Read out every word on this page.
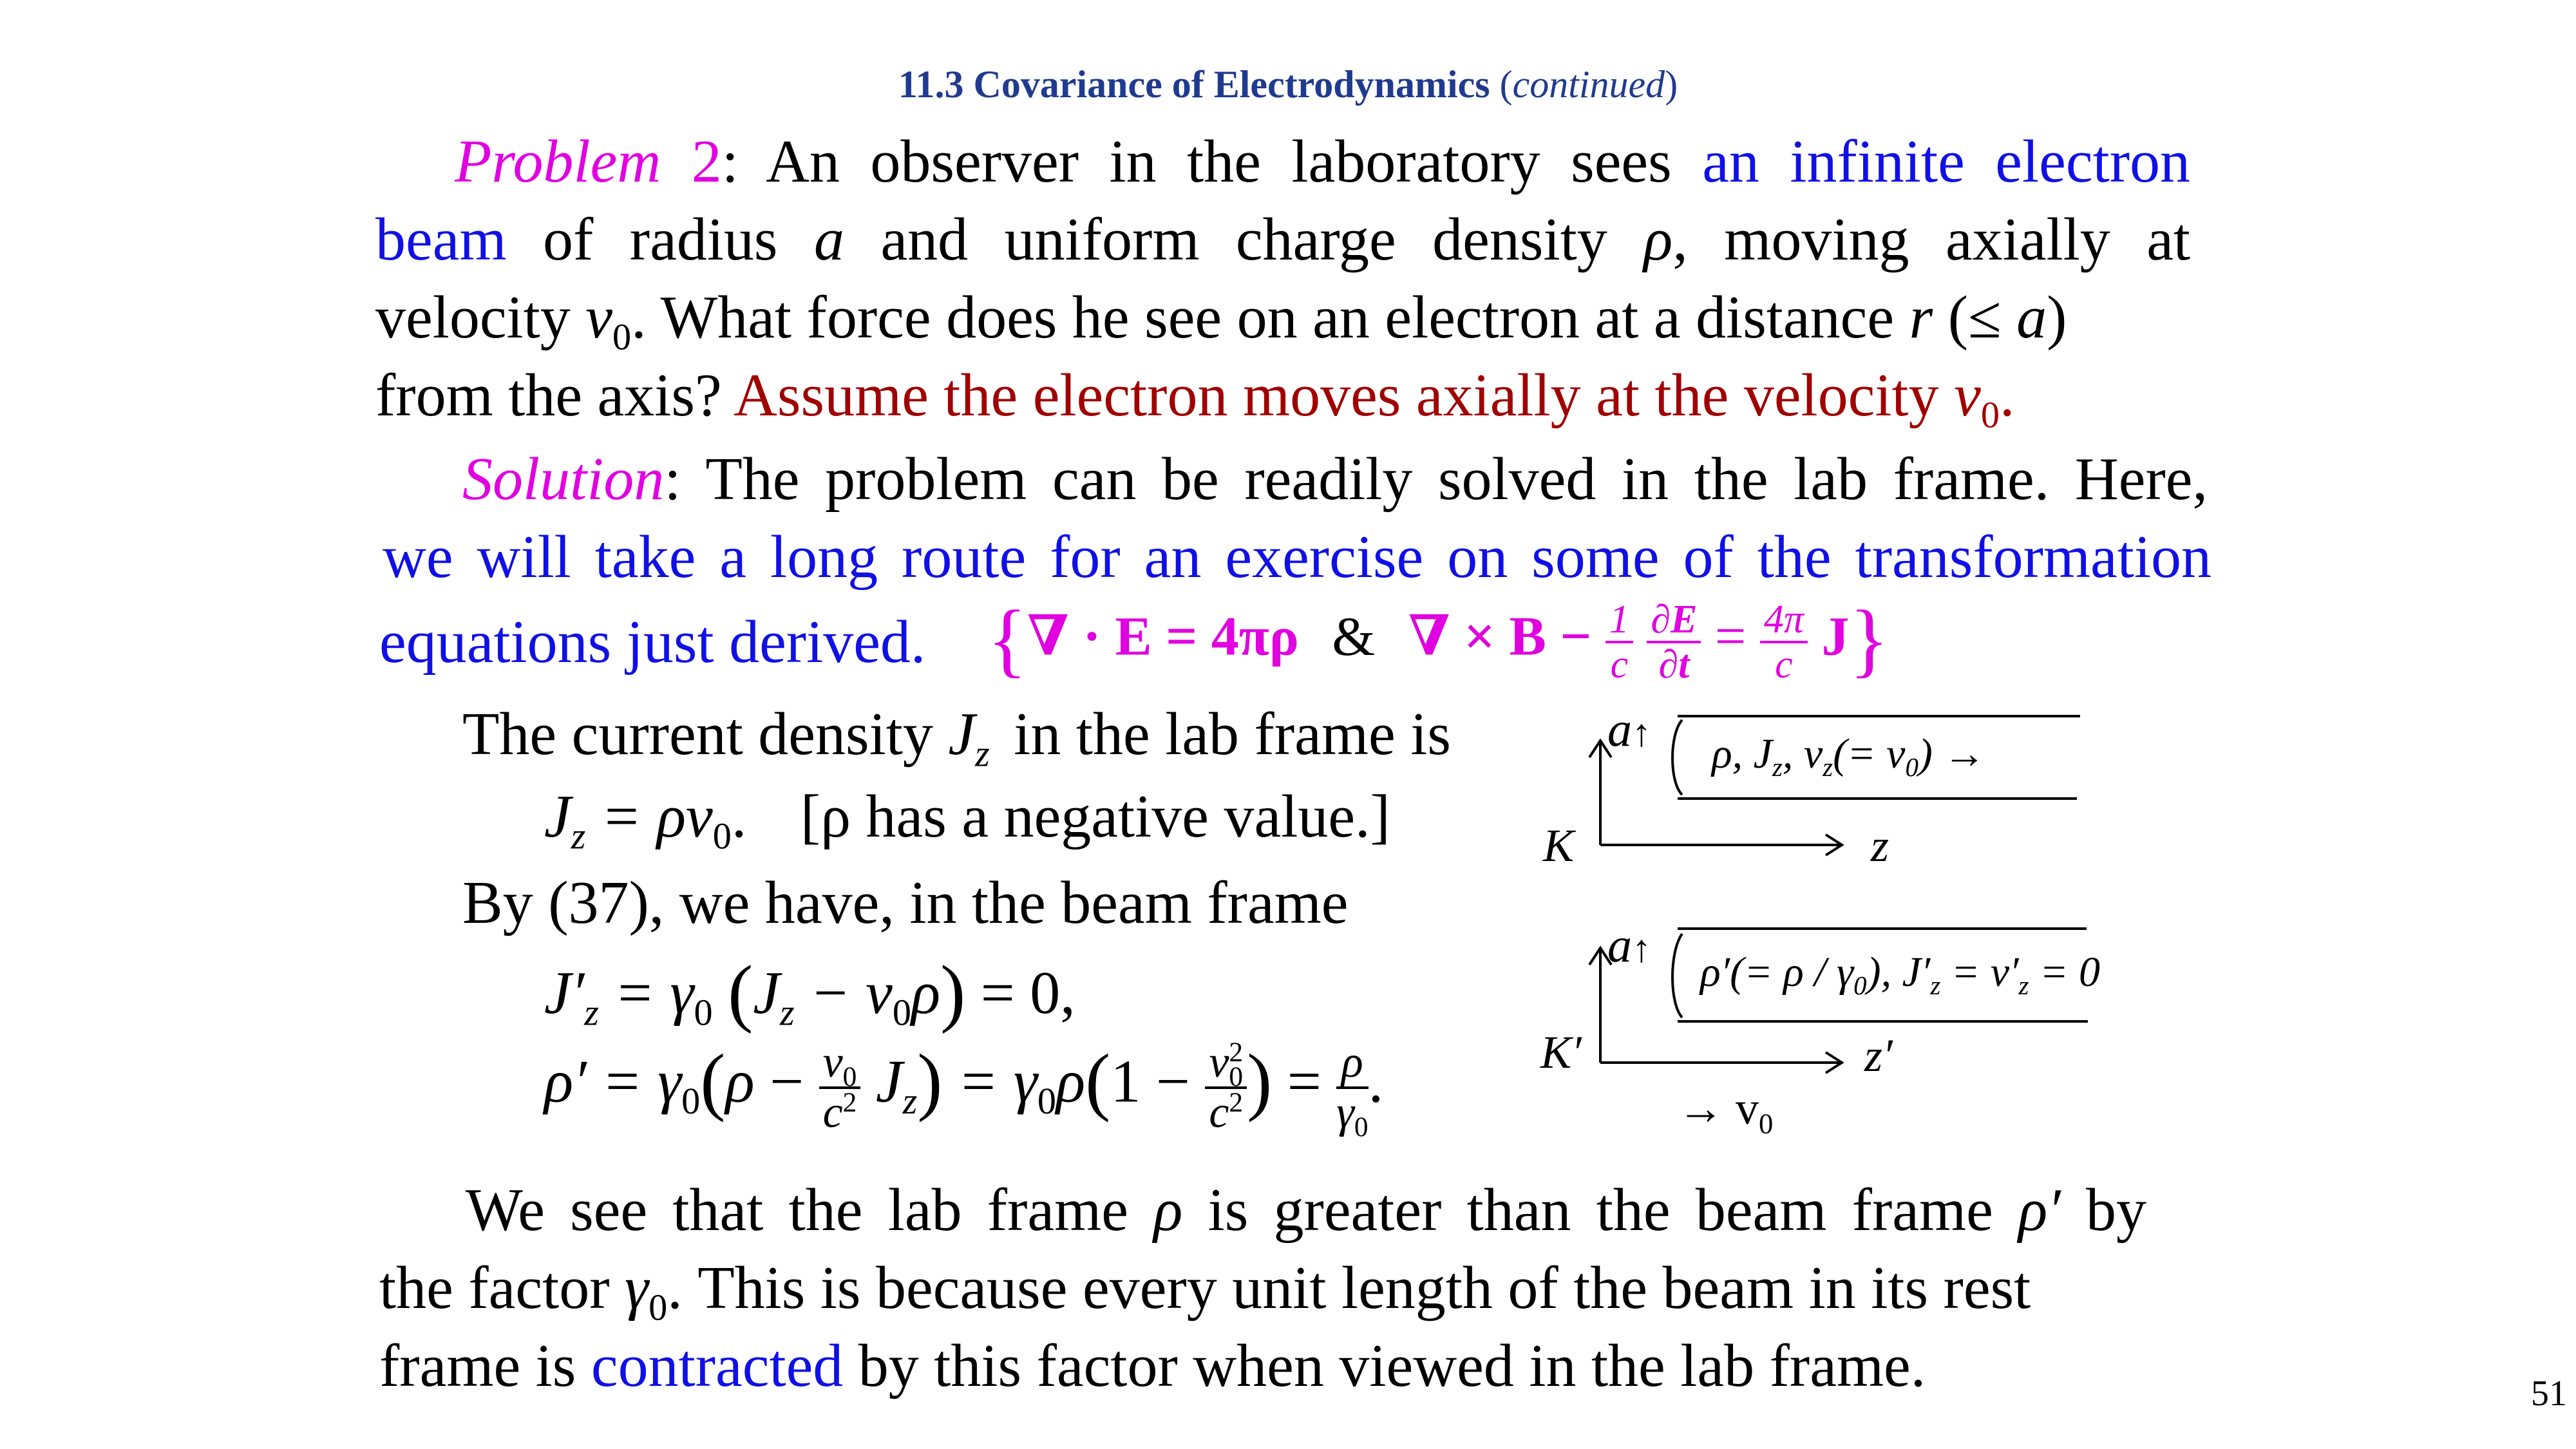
11.3 Covariance of Electrodynamics (continued)
Problem 2: An observer in the laboratory sees an infinite electron
beam of radius a and uniform charge density ρ, moving axially at
velocity $v_0$. What force does he see on an electron at a distance r (≤ a)
from the axis? Assume the electron moves axially at the velocity $v_0$.
Solution: The problem can be readily solved in the lab frame. Here,
we will take a long route for an exercise on some of the transformation
equations just derived. {∇ · E = 4πρ & ∇ × $B - \frac{1}{c}$
$\frac{\partial E}{\partial t} = \frac{4\pi}{c} J$}
The current density $J_z$ in the lab frame is
$J_z = \rho v_0$. [ρ has a negative value.]
By (37), we have, in the beam frame
$J'_z = \gamma_0$ $(J_z - v_0\rho) = 0$,
$\rho' = \gamma_0(\rho - \frac{v_0}{c^2} J_z) = \gamma_0\rho(1 - \frac{v_0^2}{c^2}$ ) = $\frac{\rho}{\gamma_0}$ .
We see that the lab frame ρ is greater than the beam frame ρ′ by
the factor $\gamma_0$. This is because every unit length of the beam in its rest
frame is contracted by this factor when viewed in the lab frame.
a↑ ρ, $J_z$, $v_z(= v_0)$ →
K	z
a↑ $\rho'(= \rho / \gamma_0)$, $J'_z = v'_z = 0$
K′	z′
→ $v_0$
51
